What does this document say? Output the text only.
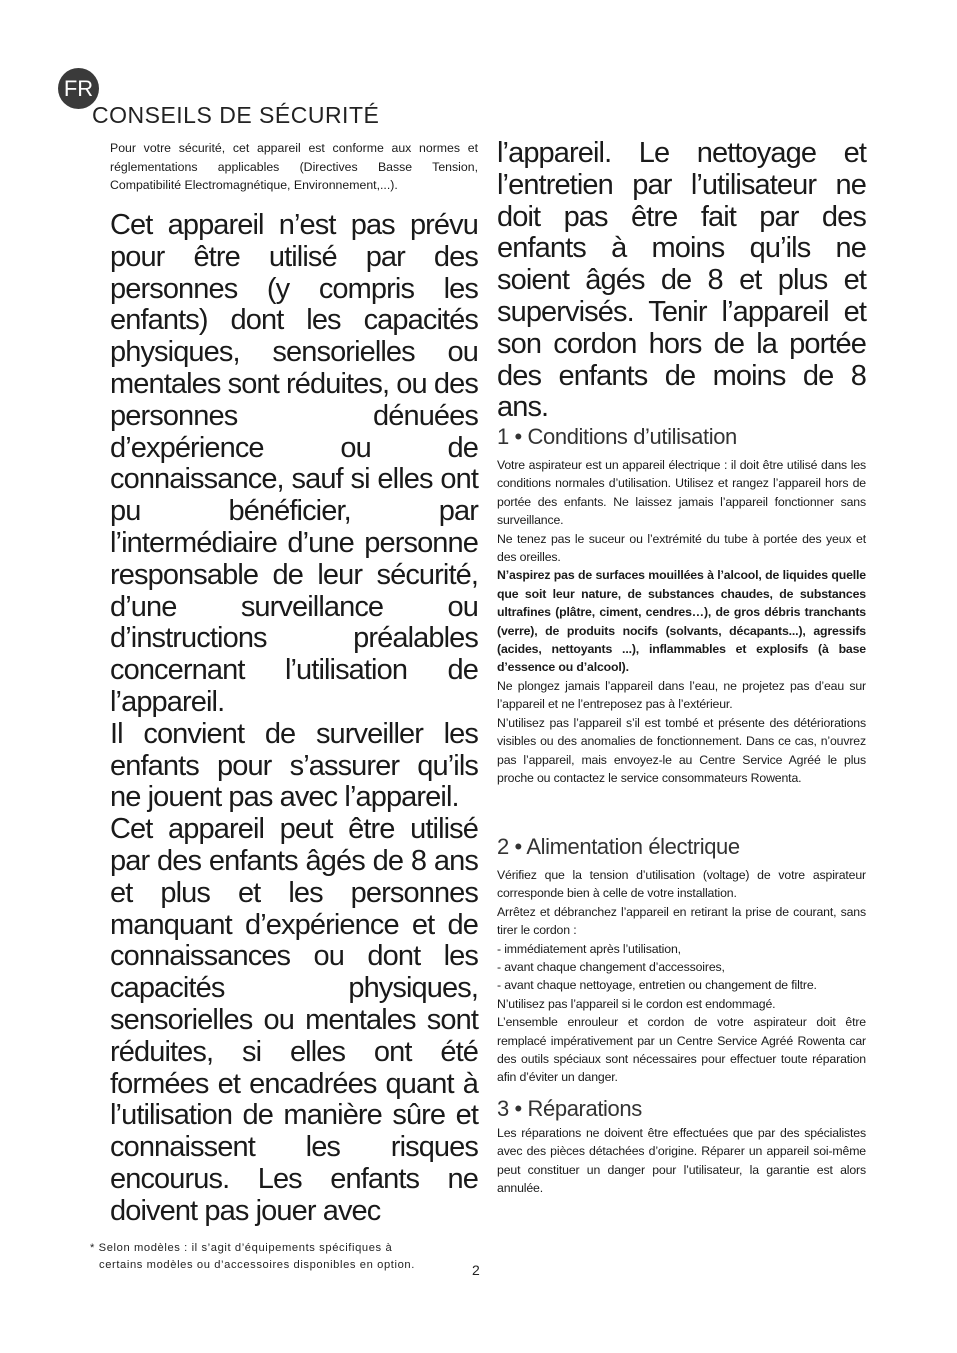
FR
CONSEILS DE SÉCURITÉ
Pour votre sécurité, cet appareil est conforme aux normes et réglementations applicables (Directives Basse Tension, Compatibilité Electromagnétique, Environnement,...).

Cet appareil n’est pas prévu pour être utilisé par des personnes (y compris les enfants) dont les capacités physiques, sensorielles ou mentales sont réduites, ou des personnes dénuées d’expérience ou de connaissance, sauf si elles ont pu bénéficier, par l’intermédiaire d’une personne responsable de leur sécurité, d’une surveillance ou d’instructions préalables concernant l’utilisation de l’appareil.

Il convient de surveiller les enfants pour s’assurer qu’ils ne jouent pas avec l’appareil.

Cet appareil peut être utilisé par des enfants âgés de 8 ans et plus et les personnes manquant d’expérience et de connaissances ou dont les capacités physiques, sensorielles ou mentales sont réduites, si elles ont été formées et encadrées quant à l’utilisation de manière sûre et connaissent les risques encourus. Les enfants ne doivent pas jouer avec

l’appareil. Le nettoyage et l’entretien par l’utilisateur ne doit pas être fait par des enfants à moins qu’ils ne soient âgés de 8 et plus et supervisés. Tenir l’appareil et son cordon hors de la portée des enfants de moins de 8 ans.

1 • Conditions d’utilisation

Votre aspirateur est un appareil électrique : il doit être utilisé dans les conditions normales d’utilisation. Utilisez et rangez l’appareil hors de portée des enfants. Ne laissez jamais l’appareil fonctionner sans surveillance.

Ne tenez pas le suceur ou l’extrémité du tube à portée des yeux et des oreilles.

N’aspirez pas de surfaces mouillées à l’alcool, de liquides quelle que soit leur nature, de substances chaudes, de substances ultrafines (plâtre, ciment, cendres…), de gros débris tranchants (verre), de produits nocifs (solvants, décapants...), agressifs (acides, nettoyants ...), inflammables et explosifs (à base d’essence ou d’alcool).

Ne plongez jamais l’appareil dans l’eau, ne projetez pas d’eau sur l’appareil et ne l’entreposez pas à l’extérieur.

N’utilisez pas l’appareil s’il est tombé et présente des détériorations visibles ou des anomalies de fonctionnement. Dans ce cas, n’ouvrez pas l’appareil, mais envoyez-le au Centre Service Agréé le plus proche ou contactez le service consommateurs Rowenta.

2 • Alimentation électrique

Vérifiez que la tension d’utilisation (voltage) de votre aspirateur corresponde bien à celle de votre installation.

Arrêtez et débranchez l’appareil en retirant la prise de courant, sans tirer le cordon :

- immédiatement après l’utilisation,

- avant chaque changement d’accessoires,

- avant chaque nettoyage, entretien ou changement de filtre.

N’utilisez pas l’appareil si le cordon est endommagé.

L’ensemble enrouleur et cordon de votre aspirateur doit être remplacé impérativement par un Centre Service Agréé Rowenta car des outils spéciaux sont nécessaires pour effectuer toute réparation afin d’éviter un danger.

3 • Réparations

Les réparations ne doivent être effectuées que par des spécialistes avec des pièces détachées d’origine. Réparer un appareil soi-même peut constituer un danger pour l’utilisateur, la garantie est alors annulée.

* Selon modèles : il s’agit d’équipements spécifiques à
certains modèles ou d’accessoires disponibles en option.	2
